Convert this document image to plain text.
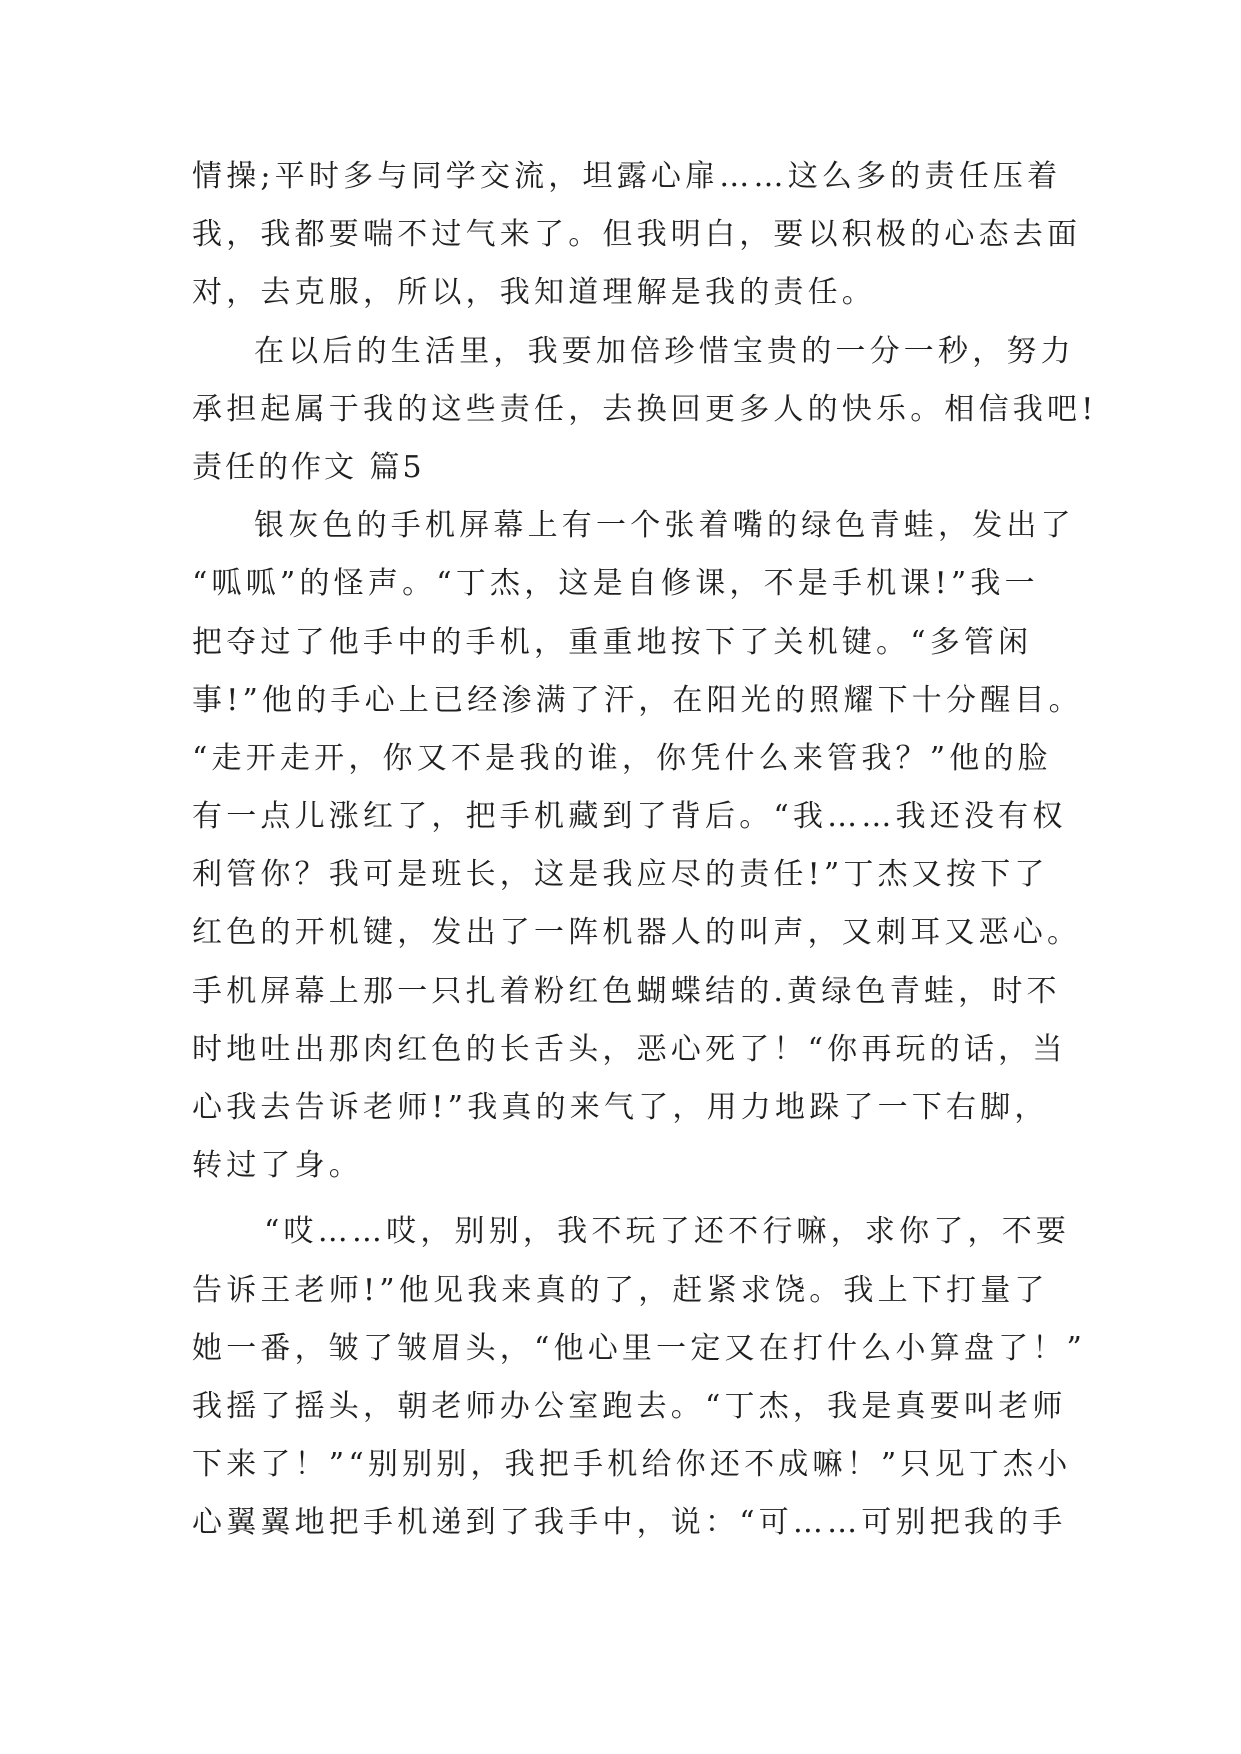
情操;平时多与同学交流，坦露心扉……这么多的责任压着
我，我都要喘不过气来了。但我明白，要以积极的心态去面
对，去克服，所以，我知道理解是我的责任。
在以后的生活里，我要加倍珍惜宝贵的一分一秒，努力
承担起属于我的这些责任，去换回更多人的快乐。相信我吧!
责任的作文 篇5
银灰色的手机屏幕上有一个张着嘴的绿色青蛙，发出了
“呱呱”的怪声。“丁杰，这是自修课，不是手机课!”我一
把夺过了他手中的手机，重重地按下了关机键。“多管闲
事!”他的手心上已经渗满了汗，在阳光的照耀下十分醒目。
“走开走开，你又不是我的谁，你凭什么来管我？”他的脸
有一点儿涨红了，把手机藏到了背后。“我……我还没有权
利管你？我可是班长，这是我应尽的责任!”丁杰又按下了
红色的开机键，发出了一阵机器人的叫声，又刺耳又恶心。
手机屏幕上那一只扎着粉红色蝴蝶结的.黄绿色青蛙，时不
时地吐出那肉红色的长舌头，恶心死了！“你再玩的话，当
心我去告诉老师!”我真的来气了，用力地跺了一下右脚，
转过了身。
“哎……哎，别别，我不玩了还不行嘛，求你了，不要
告诉王老师!”他见我来真的了，赶紧求饶。我上下打量了
她一番，皱了皱眉头，“他心里一定又在打什么小算盘了！”
我摇了摇头，朝老师办公室跑去。“丁杰，我是真要叫老师
下来了！”“别别别，我把手机给你还不成嘛！”只见丁杰小
心翼翼地把手机递到了我手中，说：“可……可别把我的手
